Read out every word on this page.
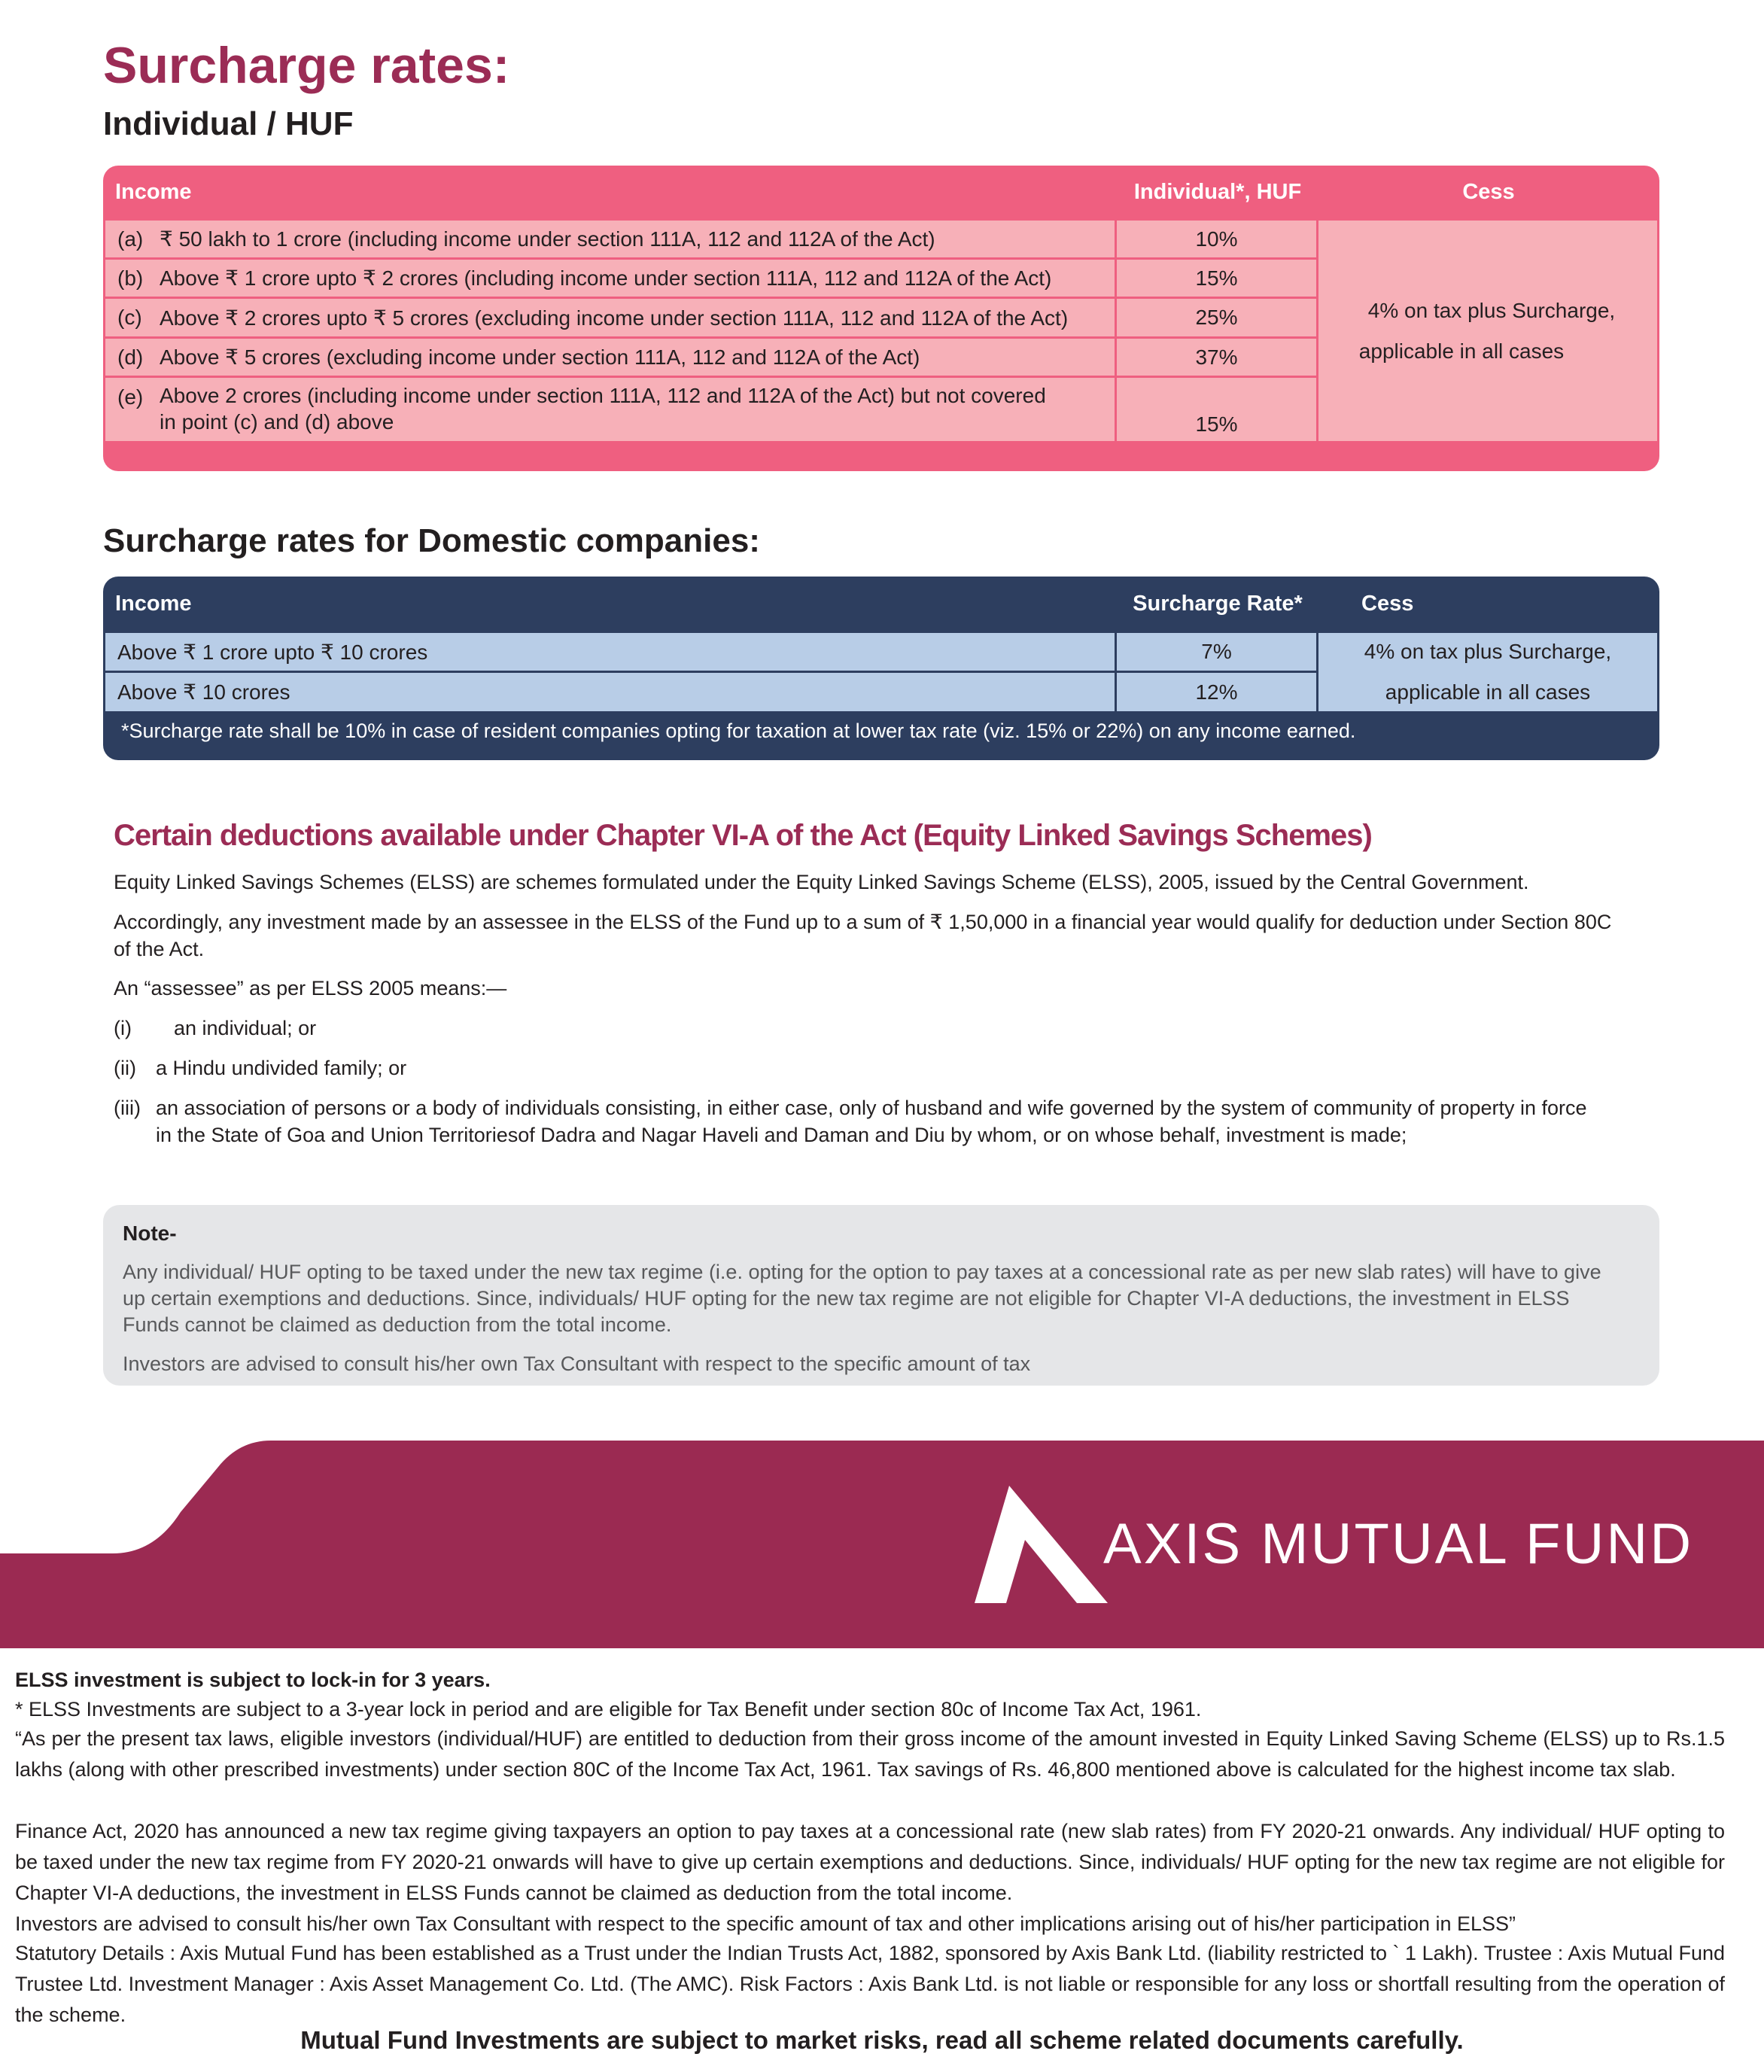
Surcharge rates:
Individual / HUF
Income	Individual*, HUF	Cess
(a) ₹ 50 lakh to 1 crore (including income under section 111A, 112 and 112A of the Act)	10%
(b) Above ₹ 1 crore upto ₹ 2 crores (including income under section 111A, 112 and 112A of the Act)	15%
(c) Above ₹ 2 crores upto ₹ 5 crores (excluding income under section 111A, 112 and 112A of the Act)	25%
(d) Above ₹ 5 crores (excluding income under section 111A, 112 and 112A of the Act)	37%
(e) Above 2 crores (including income under section 111A, 112 and 112A of the Act) but not covered
in point (c) and (d) above	15%
4% on tax plus Surcharge,
applicable in all cases
Surcharge rates for Domestic companies:
Income	Surcharge Rate*	Cess
Above ₹ 1 crore upto ₹ 10 crores	7%
Above ₹ 10 crores	12%
4% on tax plus Surcharge,
applicable in all cases
*Surcharge rate shall be 10% in case of resident companies opting for taxation at lower tax rate (viz. 15% or 22%) on any income earned.
Certain deductions available under Chapter VI-A of the Act (Equity Linked Savings Schemes)

Equity Linked Savings Schemes (ELSS) are schemes formulated under the Equity Linked Savings Scheme (ELSS), 2005, issued by the Central Government.

Accordingly, any investment made by an assessee in the ELSS of the Fund up to a sum of ₹ 1,50,000 in a financial year would qualify for deduction under Section 80C
of the Act.

An “assessee” as per ELSS 2005 means:—

(i) an individual; or
(ii) a Hindu undivided family; or
(iii) an association of persons or a body of individuals consisting, in either case, only of husband and wife governed by the system of community of property in force
in the State of Goa and Union Territoriesof Dadra and Nagar Haveli and Daman and Diu by whom, or on whose behalf, investment is made;
Note-

Any individual/ HUF opting to be taxed under the new tax regime (i.e. opting for the option to pay taxes at a concessional rate as per new slab rates) will have to give
up certain exemptions and deductions. Since, individuals/ HUF opting for the new tax regime are not eligible for Chapter VI-A deductions, the investment in ELSS
Funds cannot be claimed as deduction from the total income.

Investors are advised to consult his/her own Tax Consultant with respect to the specific amount of tax

AXIS MUTUAL FUND

ELSS investment is subject to lock-in for 3 years.

* ELSS Investments are subject to a 3-year lock in period and are eligible for Tax Benefit under section 80c of Income Tax Act, 1961.

“As per the present tax laws, eligible investors (individual/HUF) are entitled to deduction from their gross income of the amount invested in Equity Linked Saving Scheme (ELSS) up to Rs.1.5 lakhs (along with other prescribed investments) under section 80C of the Income Tax Act, 1961. Tax savings of Rs. 46,800 mentioned above is calculated for the highest income tax slab.

Finance Act, 2020 has announced a new tax regime giving taxpayers an option to pay taxes at a concessional rate (new slab rates) from FY 2020-21 onwards. Any individual/ HUF opting to be taxed under the new tax regime from FY 2020-21 onwards will have to give up certain exemptions and deductions. Since, individuals/ HUF opting for the new tax regime are not eligible for Chapter VI-A deductions, the investment in ELSS Funds cannot be claimed as deduction from the total income.

Investors are advised to consult his/her own Tax Consultant with respect to the specific amount of tax and other implications arising out of his/her participation in ELSS”

Statutory Details : Axis Mutual Fund has been established as a Trust under the Indian Trusts Act, 1882, sponsored by Axis Bank Ltd. (liability restricted to ` 1 Lakh). Trustee : Axis Mutual Fund Trustee Ltd. Investment Manager : Axis Asset Management Co. Ltd. (The AMC). Risk Factors : Axis Bank Ltd. is not liable or responsible for any loss or shortfall resulting from the operation of the scheme.

Mutual Fund Investments are subject to market risks, read all scheme related documents carefully.
